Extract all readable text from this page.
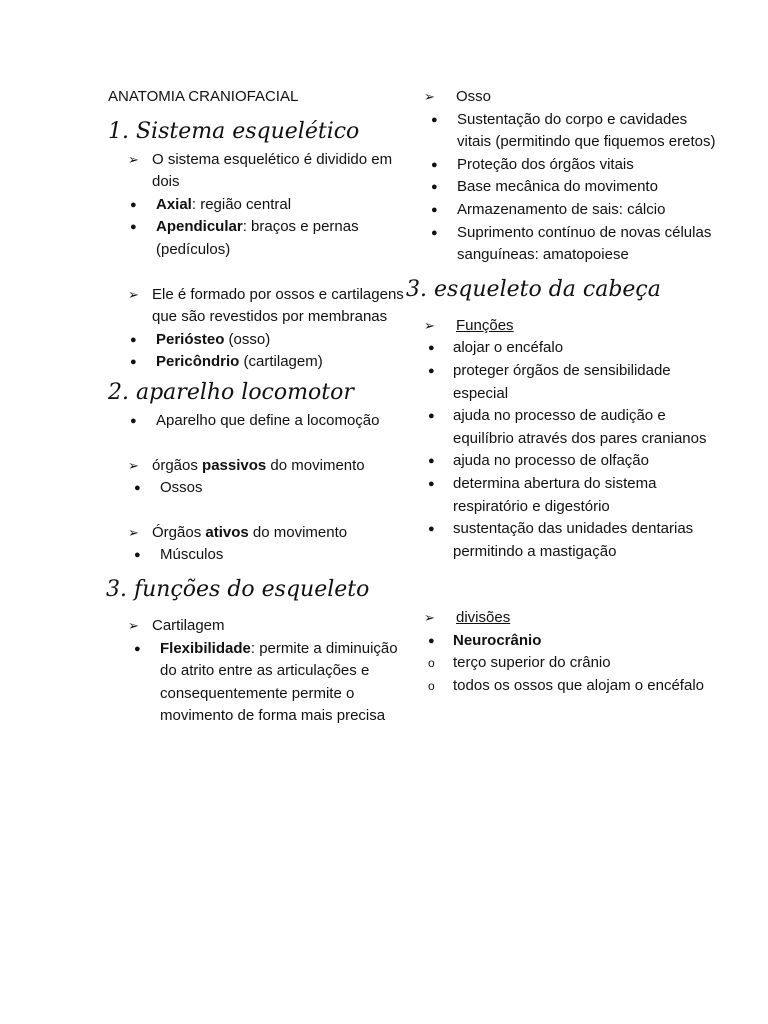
ANATOMIA CRANIOFACIAL
1. Sistema esquelético
➢ O sistema esquelético é dividido em dois
● Axial: região central
● Apendicular: braços e pernas (pedículos)
➢ Ele é formado por ossos e cartilagens que são revestidos por membranas
● Periósteo (osso)
● Pericôndrio (cartilagem)
2. aparelho locomotor
● Aparelho que define a locomoção
➢ órgãos passivos do movimento
● Ossos
➢ Órgãos ativos do movimento
● Músculos
3. funções do esqueleto
➢ Cartilagem
● Flexibilidade: permite a diminuição do atrito entre as articulações e consequentemente permite o movimento de forma mais precisa
➢ Osso
● Sustentação do corpo e cavidades vitais (permitindo que fiquemos eretos)
● Proteção dos órgãos vitais
● Base mecânica do movimento
● Armazenamento de sais: cálcio
● Suprimento contínuo de novas células sanguíneas: amatopoiese
3. esqueleto da cabeça
➢ Funções
● alojar o encéfalo
● proteger órgãos de sensibilidade especial
● ajuda no processo de audição e equilíbrio através dos pares cranianos
● ajuda no processo de olfação
● determina abertura do sistema respiratório e digestório
● sustentação das unidades dentarias permitindo a mastigação
➢ divisões
● Neurocrânio
o terço superior do crânio
o todos os ossos que alojam o encéfalo
